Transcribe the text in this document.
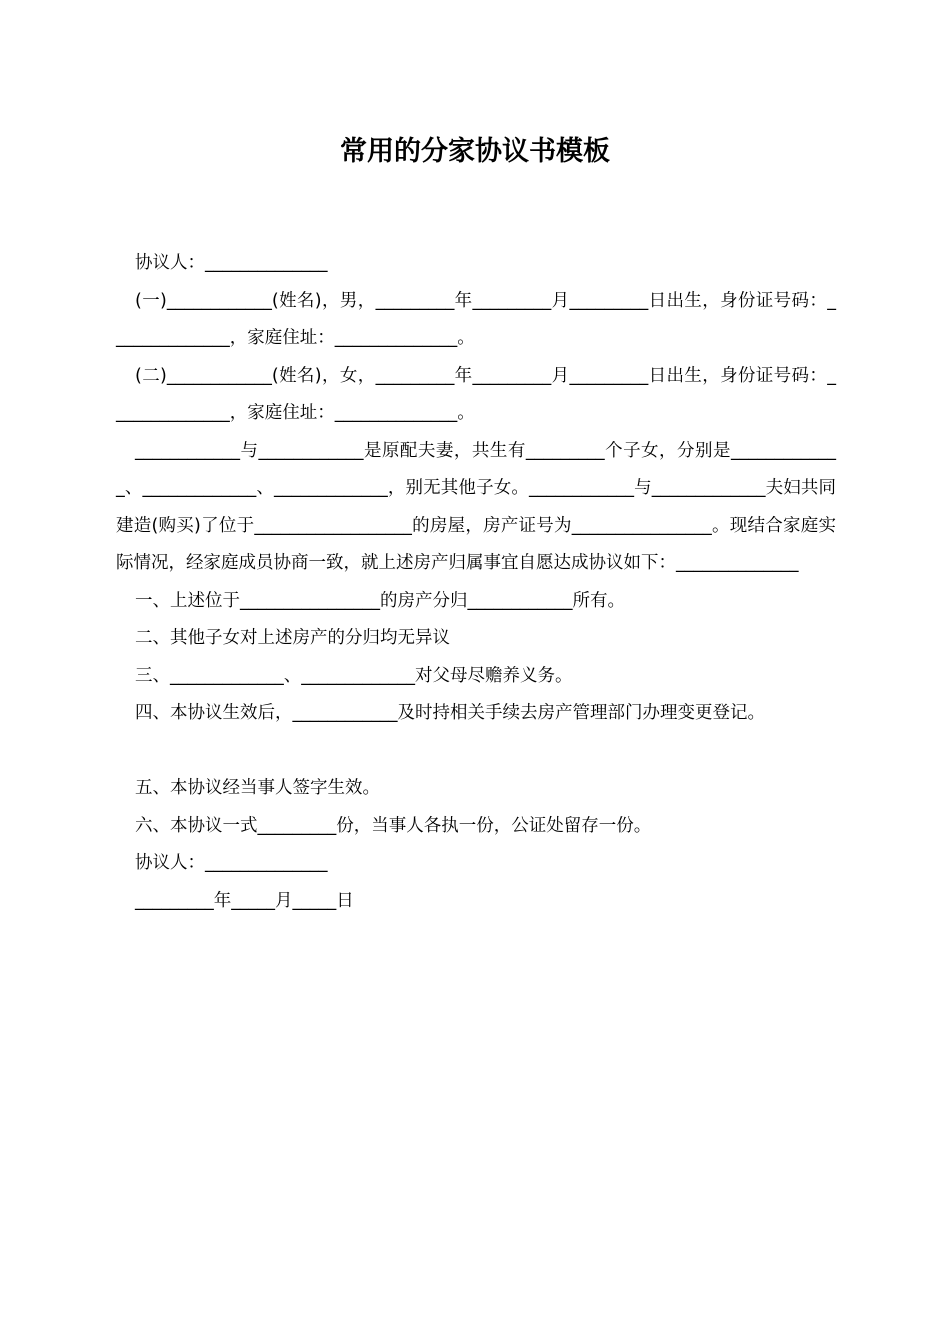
常用的分家协议书模板

协议人：______________

(一)____________(姓名)，男，_________年_________月_________日出生，身份证号码：______________，家庭住址：______________。

(二)____________(姓名)，女，_________年_________月_________日出生，身份证号码：______________，家庭住址：______________。

____________与____________是原配夫妻，共生有_________个子女，分别是_____________、_____________、_____________，别无其他子女。____________与_____________夫妇共同建造(购买)了位于__________________的房屋，房产证号为________________。现结合家庭实际情况，经家庭成员协商一致，就上述房产归属事宜自愿达成协议如下：______________

一、上述位于________________的房产分归____________所有。

二、其他子女对上述房产的分归均无异议

三、_____________、_____________对父母尽赡养义务。

四、本协议生效后，____________及时持相关手续去房产管理部门办理变更登记。

五、本协议经当事人签字生效。

六、本协议一式_________份，当事人各执一份，公证处留存一份。

协议人：______________

_________年_____月_____日
